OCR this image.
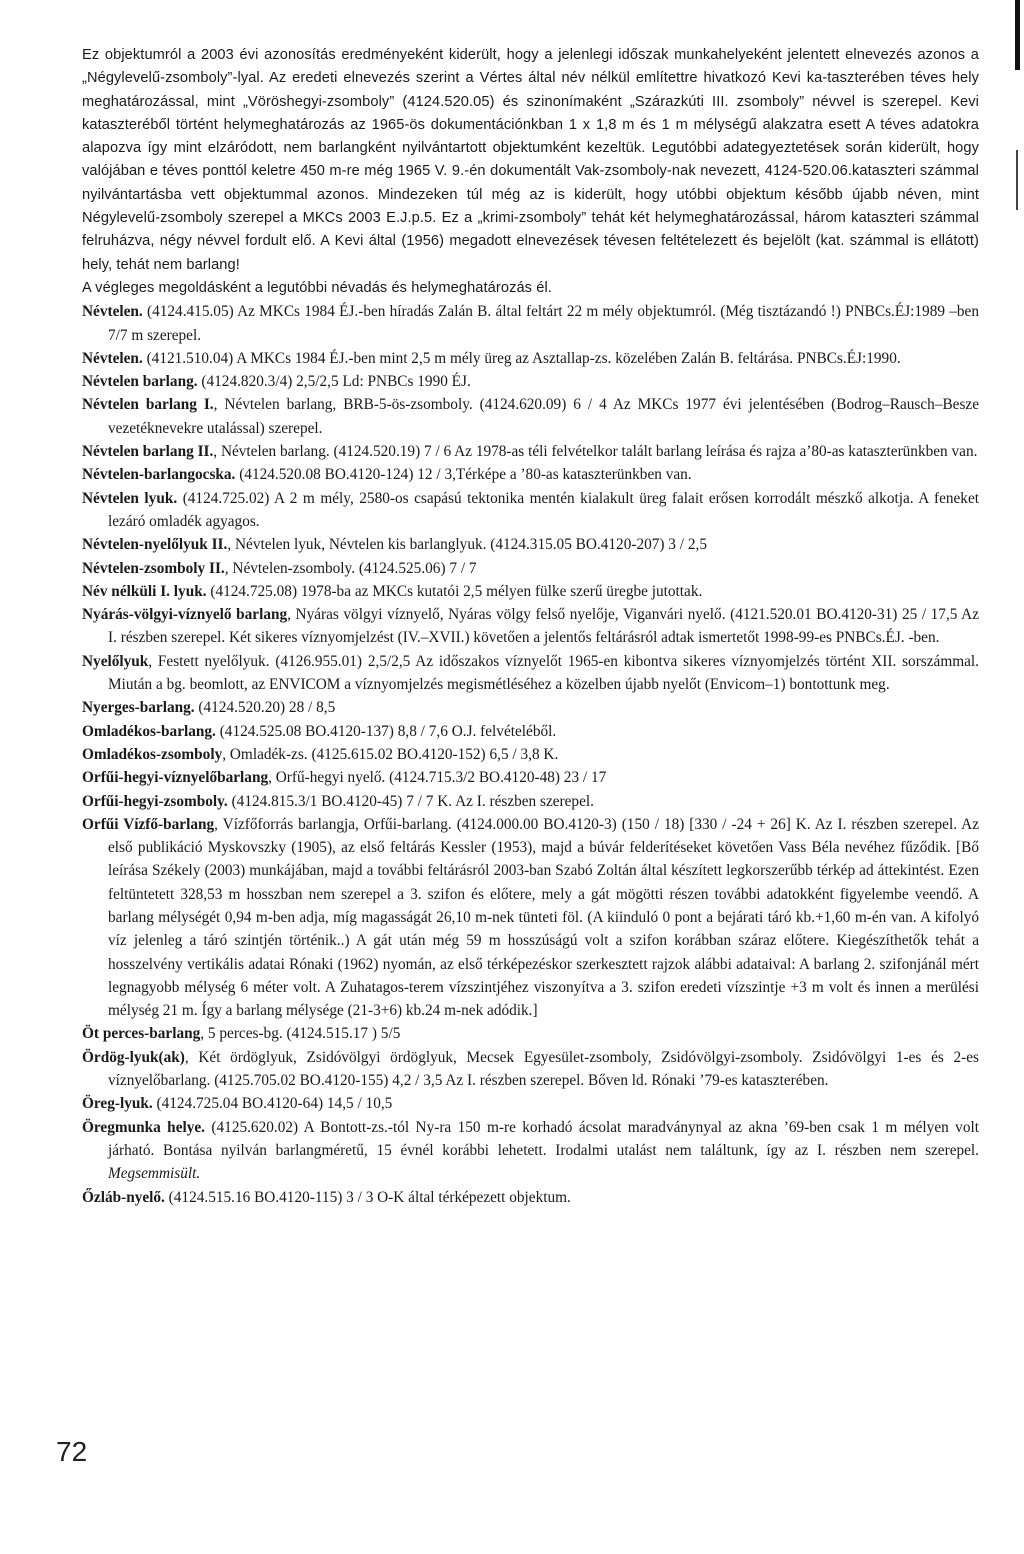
Ez objektumról a 2003 évi azonosítás eredményeként kiderült, hogy a jelenlegi időszak munkahelyeként jelentett elnevezés azonos a „Négylevelű-zsomboly”-lyal. Az eredeti elnevezés szerint a Vértes által név nélkül említettre hivatkozó Kevi ka-taszterében téves hely meghatározással, mint „Vöröshegyi-zsomboly” (4124.520.05) és szinonímaként „Szárazkúti III. zsomboly” névvel is szerepel. Kevi kataszteréből történt helymeghatározás az 1965-ös dokumentációnkban 1 x 1,8 m és 1 m mélységű alakzatra esett A téves adatokra alapozva így mint elzáródott, nem barlangként nyilvántartott objektumként kezeltük. Legutóbbi adategyeztetések során kiderült, hogy valójában e téves ponttól keletre 450 m-re még 1965 V. 9.-én dokumentált Vak-zsomboly-nak nevezett, 4124-520.06.kataszteri számmal nyilvántartásba vett objektummal azonos. Mindezeken túl még az is kiderült, hogy utóbbi objektum később újabb néven, mint Négylevelű-zsomboly szerepel a MKCs 2003 E.J.p.5. Ez a „krimi-zsomboly” tehát két helymeghatározással, három kataszteri számmal felruházva, négy névvel fordult elő. A Kevi által (1956) megadott elnevezések tévesen feltételezett és bejelölt (kat. számmal is ellátott) hely, tehát nem barlang!

A végleges megoldásként a legutóbbi névadás és helymeghatározás él.

Névtelen. (4124.415.05) Az MKCs 1984 ÉJ.-ben híradás Zalán B. által feltárt 22 m mély objektumról. (Még tisztázandó !) PNBCs.ÉJ:1989 –ben 7/7 m szerepel.

Névtelen. (4121.510.04) A MKCs 1984 ÉJ.-ben mint 2,5 m mély üreg az Asztallap-zs. közelében Zalán B. feltárása. PNBCs.ÉJ:1990.

Névtelen barlang. (4124.820.3/4) 2,5/2,5 Ld: PNBCs 1990 ÉJ.

Névtelen barlang I., Névtelen barlang, BRB-5-ös-zsomboly. (4124.620.09) 6 / 4 Az MKCs 1977 évi jelentésében (Bodrog–Rausch–Besze vezetéknevekre utalással) szerepel.

Névtelen barlang II., Névtelen barlang. (4124.520.19) 7 / 6 Az 1978-as téli felvételkor talált barlang leírása és rajza a’80-as kataszterünkben van.

Névtelen-barlangocska. (4124.520.08 BO.4120-124) 12 / 3,Térképe a ’80-as kataszterünkben van.

Névtelen lyuk. (4124.725.02) A 2 m mély, 2580-os csapású tektonika mentén kialakult üreg falait erősen korrodált mészkő alkotja. A feneket lezáró omladék agyagos.

Névtelen-nyelőlyuk II., Névtelen lyuk, Névtelen kis barlanglyuk. (4124.315.05 BO.4120-207) 3 / 2,5

Névtelen-zsomboly II., Névtelen-zsomboly. (4124.525.06) 7 / 7

Név nélküli I. lyuk. (4124.725.08) 1978-ba az MKCs kutatói 2,5 mélyen fülke szerű üregbe jutottak.

Nyárás-völgyi-víznyelő barlang, Nyáras völgyi víznyelő, Nyáras völgy felső nyelője, Viganvári nyelő. (4121.520.01 BO.4120-31) 25 / 17,5 Az I. részben szerepel. Két sikeres víznyomjelzést (IV.–XVII.) követően a jelentős feltárásról adtak ismertetőt 1998-99-es PNBCs.ÉJ. -ben.

Nyelőlyuk, Festett nyelőlyuk. (4126.955.01) 2,5/2,5 Az időszakos víznyelőt 1965-en kibontva sikeres víznyomjelzés történt XII. sorszámmal. Miután a bg. beomlott, az ENVICOM a víznyomjelzés megismétléséhez a közelben újabb nyelőt (Envicom–1) bontottunk meg.

Nyerges-barlang. (4124.520.20) 28 / 8,5

Omladékos-barlang. (4124.525.08 BO.4120-137) 8,8 / 7,6 O.J. felvételéből.

Omladékos-zsomboly, Omladék-zs. (4125.615.02 BO.4120-152) 6,5 / 3,8 K.

Orfűi-hegyi-víznyelőbarlang, Orfű-hegyi nyelő. (4124.715.3/2 BO.4120-48) 23 / 17

Orfűi-hegyi-zsomboly. (4124.815.3/1 BO.4120-45) 7 / 7 K. Az I. részben szerepel.

Orfűi Vízfő-barlang, Vízfőforrás barlangja, Orfűi-barlang. (4124.000.00 BO.4120-3) (150 / 18) [330 / -24 + 26] K. Az I. részben szerepel. Az első publikáció Myskovszky (1905), az első feltárás Kessler (1953), majd a búvár felderítéseket követően Vass Béla nevéhez fűződik. [Bő leírása Székely (2003) munkájában, majd a további feltárásról 2003-ban Szabó Zoltán által készített legkorszerűbb térkép ad áttekintést. Ezen feltüntetett 328,53 m hosszban nem szerepel a 3. szifon és előtere, mely a gát mögötti részen további adatokként figyelembe veendő. A barlang mélységét 0,94 m-ben adja, míg magasságát 26,10 m-nek tünteti föl. (A kiinduló 0 pont a bejárati táró kb.+1,60 m-én van. A kifolyó víz jelenleg a táró szintjén történik..) A gát után még 59 m hosszúságú volt a szifon korábban száraz előtere. Kiegészíthetők tehát a hosszelvény vertikális adatai Rónaki (1962) nyomán, az első térképezéskor szerkesztett rajzok alábbi adataival: A barlang 2. szifonjánál mért legnagyobb mélység 6 méter volt. A Zuhatagos-terem vízszintjéhez viszonyítva a 3. szifon eredeti vízszintje +3 m volt és innen a merülési mélység 21 m. Így a barlang mélysége (21-3+6) kb.24 m-nek adódik.]

Öt perces-barlang, 5 perces-bg. (4124.515.17 ) 5/5

Ördög-lyuk(ak), Két ördöglyuk, Zsidóvölgyi ördöglyuk, Mecsek Egyesület-zsomboly, Zsidóvölgyi-zsomboly. Zsidóvölgyi 1-es és 2-es víznyelőbarlang. (4125.705.02 BO.4120-155) 4,2 / 3,5 Az I. részben szerepel. Bőven ld. Rónaki ’79-es kataszterében.

Öreg-lyuk. (4124.725.04 BO.4120-64) 14,5 / 10,5

Öregmunka helye. (4125.620.02) A Bontott-zs.-tól Ny-ra 150 m-re korhadó ácsolat maradványnyal az akna ’69-ben csak 1 m mélyen volt járható. Bontása nyilván barlangméretű, 15 évnél korábbi lehetett. Irodalmi utalást nem találtunk, így az I. részben nem szerepel. Megsemmisült.

Őzláb-nyelő. (4124.515.16 BO.4120-115) 3 / 3 O-K által térképezett objektum.

72
